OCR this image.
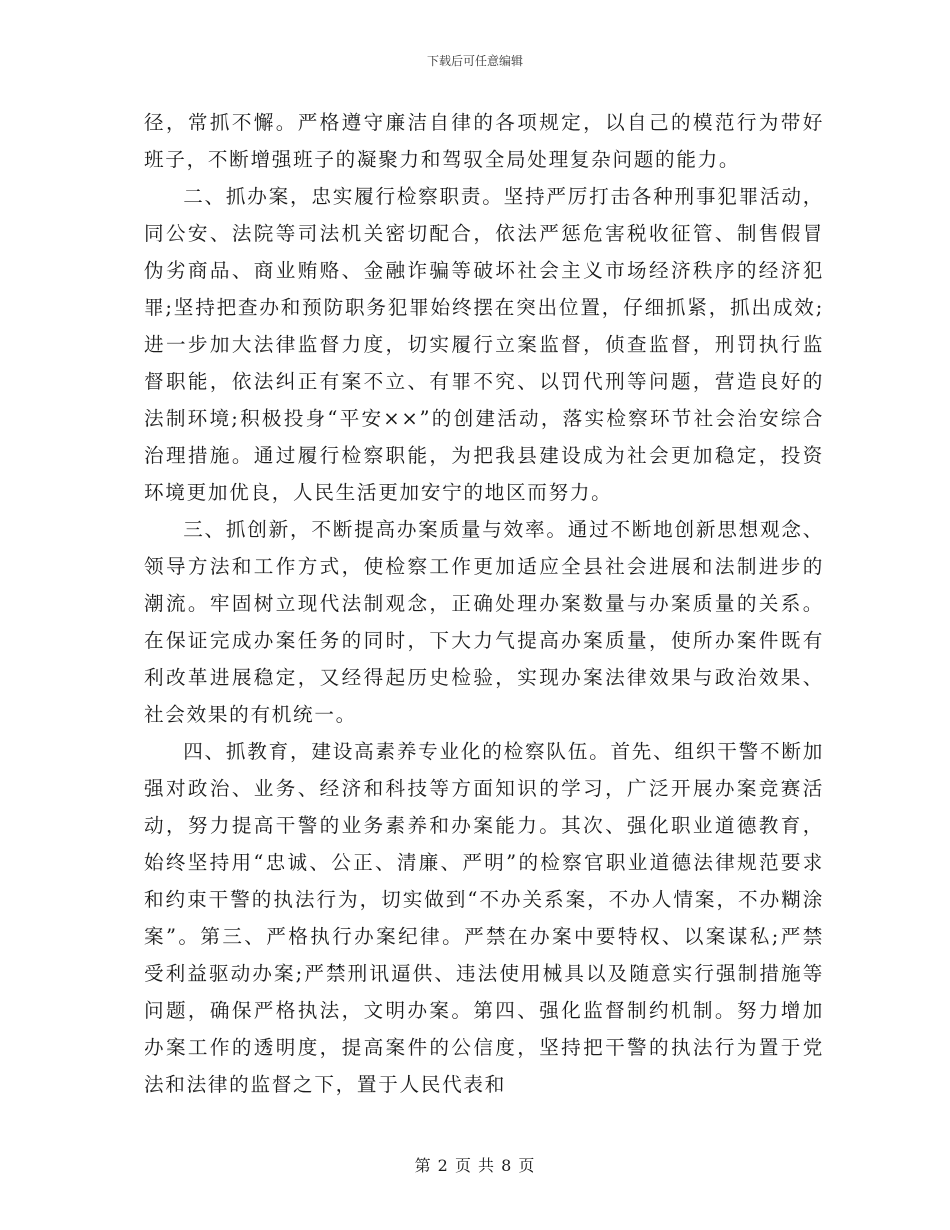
下载后可任意编辑

径，常抓不懈。严格遵守廉洁自律的各项规定，以自己的模范行为带好班子，不断增强班子的凝聚力和驾驭全局处理复杂问题的能力。

二、抓办案，忠实履行检察职责。坚持严厉打击各种刑事犯罪活动，同公安、法院等司法机关密切配合，依法严惩危害税收征管、制售假冒伪劣商品、商业贿赂、金融诈骗等破坏社会主义市场经济秩序的经济犯罪;坚持把查办和预防职务犯罪始终摆在突出位置，仔细抓紧，抓出成效;进一步加大法律监督力度，切实履行立案监督，侦查监督，刑罚执行监督职能，依法纠正有案不立、有罪不究、以罚代刑等问题，营造良好的法制环境;积极投身“平安××”的创建活动，落实检察环节社会治安综合治理措施。通过履行检察职能，为把我县建设成为社会更加稳定，投资环境更加优良，人民生活更加安宁的地区而努力。

三、抓创新，不断提高办案质量与效率。通过不断地创新思想观念、领导方法和工作方式，使检察工作更加适应全县社会进展和法制进步的潮流。牢固树立现代法制观念，正确处理办案数量与办案质量的关系。在保证完成办案任务的同时，下大力气提高办案质量，使所办案件既有利改革进展稳定，又经得起历史检验，实现办案法律效果与政治效果、社会效果的有机统一。

四、抓教育，建设高素养专业化的检察队伍。首先、组织干警不断加强对政治、业务、经济和科技等方面知识的学习，广泛开展办案竞赛活动，努力提高干警的业务素养和办案能力。其次、强化职业道德教育，始终坚持用“忠诚、公正、清廉、严明”的检察官职业道德法律规范要求和约束干警的执法行为，切实做到“不办关系案，不办人情案，不办糊涂案”。第三、严格执行办案纪律。严禁在办案中要特权、以案谋私;严禁受利益驱动办案;严禁刑讯逼供、违法使用械具以及随意实行强制措施等问题，确保严格执法，文明办案。第四、强化监督制约机制。努力增加办案工作的透明度，提高案件的公信度，坚持把干警的执法行为置于党法和法律的监督之下，置于人民代表和

第 2 页 共 8 页
